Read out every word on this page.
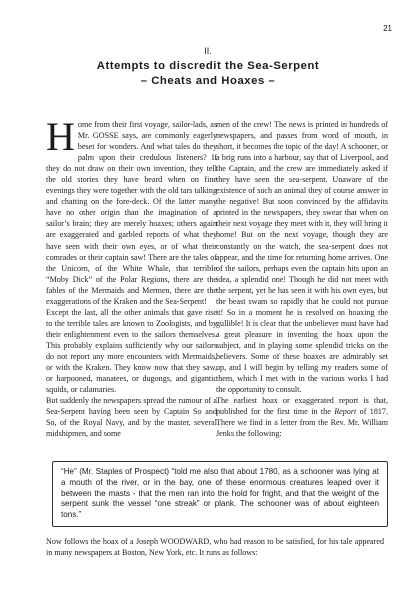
21
II.
Attempts to discredit the Sea-Serpent
– Cheats and Hoaxes –

Home from their first voyage, sailor-lads, as Mr. GOSSE says, are commonly eagerly beset for wonders. And what tales do they palm upon their credulous listeners? If they do not draw on their own invention, they tell the old stories they have heard when on fine evenings they were together with the old tars talking and chatting on the fore-deck. Of the latter many have no other origin than the imagination of a sailor’s brain; they are merely hoaxes; others again are exaggerated and garbled reports of what they have seen with their own eyes, or of what their comrades or their captain saw! There are the tales of the Unicorn, of the White Whale, that terrible “Moby Dick” of the Polar Regions, there are the fables of the Mermaids and Mermen, there are the exaggerations of the Kraken and the Sea-Serpent!

Except the last, all the other animals that gave rise to the terrible tales are known to Zoologists, and by their enlightenment even to the sailors themselves. This probably explains sufficiently why our sailors do not report any more encounters with Mermaids, or with the Kraken. They know now that they saw, or harpooned, manatees, or dugongs, and gigantic squids, or calamaries.

But suddenly the newspapers spread the rumour of a Sea-Serpent having been seen by Captain So and So, of the Royal Navy, and by the master, several midshipmen, and some

men of the crew! The news is printed in hundreds of newspapers, and passes from word of mouth, in short, it becomes the topic of the day! A schooner, or a brig runs into a harbour, say that of Liverpool, and the Captain, and the crew are immediately asked if they have seen the sea-serpent. Unaware of the existence of such an animal they of course answer in the negative! But soon convinced by the affidavits printed in the newspapers, they swear that when on their next voyage they meet with it, they will bring it home! But on the next voyage, though they are constantly on the watch, the sea-serpent does not appear, and the time for returning home arrives. One of the sailors, perhaps even the captain hits upon an idea, a splendid one! Though he did not meet with the serpent, yet he has seen it with his own eyes, but the beast swam so rapidly that he could not pursue it! So in a moment he is resolved on hoaxing the gullible! It is clear that the unbeliever must have had a great pleasure in inventing the hoax upon the subject, and in playing some splendid tricks on the believers. Some of these hoaxes are admirably set up, and I will begin by telling my readers some of them, which I met with in the various works I had the opportunity to consult.

The earliest hoax or exaggerated report is that, published for the first time in the Report of 1817. There we find in a letter from the Rev. Mr. William Jenks the following:

“He” (Mr. Staples of Prospect) “told me also that about 1780, as a schooner was lying at a mouth of the river, or in the bay, one of these enormous creatures leaped over it between the masts - that the men ran into the hold for fright, and that the weight of the serpent sunk the vessel “one streak” or plank. The schooner was of about eighteen tons.”
Now follows the hoax of a Joseph WOODWARD, who had reason to be satisfied, for his tale appeared in many newspapers at Boston, New York, etc. It runs as follows:
